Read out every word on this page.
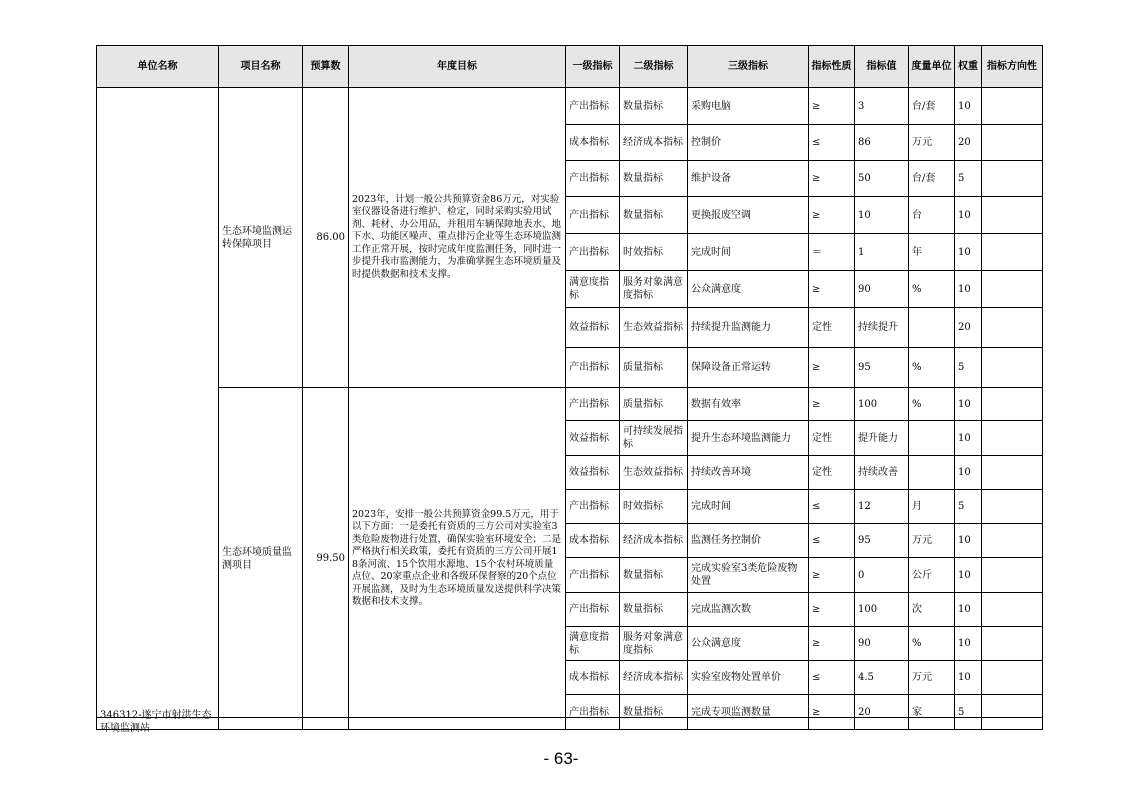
单位名称	项目名称	预算数	年度目标	一级指标	二级指标	三级指标	指标性质	指标值	度量单位	权重	指标方向性

346312-遂宁市射洪生态环境监测站	生态环境监测运转保障项目	86.00	2023年，计划一般公共预算资金86万元，对实验室仪器设备进行维护、检定，同时采购实验用试剂、耗材、办公用品，并租用车辆保障地表水、地下水、功能区噪声、重点排污企业等生态环境监测工作正常开展，按时完成年度监测任务，同时进一步提升我市监测能力，为准确掌握生态环境质量及时提供数据和技术支撑。	产出指标	数量指标	采购电脑	≥	3	台/套	10	
				成本指标	经济成本指标	控制价	≤	86	万元	20	
				产出指标	数量指标	维护设备	≥	50	台/套	5	
				产出指标	数量指标	更换报废空调	≥	10	台	10	
				产出指标	时效指标	完成时间	＝	1	年	10	
				满意度指标	服务对象满意度指标	公众满意度	≥	90	%	10	
				效益指标	生态效益指标	持续提升监测能力	定性	持续提升		20	
				产出指标	质量指标	保障设备正常运转	≥	95	%	5	
	生态环境质量监测项目	99.50	2023年，安排一般公共预算资金99.5万元，用于以下方面：一是委托有资质的三方公司对实验室3类危险废物进行处置，确保实验室环境安全；二是严格执行相关政策，委托有资质的三方公司开展18条河流、15个饮用水源地、15个农村环境质量点位、20家重点企业和各级环保督察的20个点位开展监测，及时为生态环境质量发送提供科学决策数据和技术支撑。	产出指标	质量指标	数据有效率	≥	100	%	10	
				效益指标	可持续发展指标	提升生态环境监测能力	定性	提升能力		10	
				效益指标	生态效益指标	持续改善环境	定性	持续改善		10	
				产出指标	时效指标	完成时间	≤	12	月	5	
				成本指标	经济成本指标	监测任务控制价	≤	95	万元	10	
				产出指标	数量指标	完成实验室3类危险废物处置	≥	0	公斤	10	
				产出指标	数量指标	完成监测次数	≥	100	次	10	
				满意度指标	服务对象满意度指标	公众满意度	≥	90	%	10	
				成本指标	经济成本指标	实验室废物处置单价	≤	4.5	万元	10	
				产出指标	数量指标	完成专项监测数量	≥	20	家	5	
- 63-
